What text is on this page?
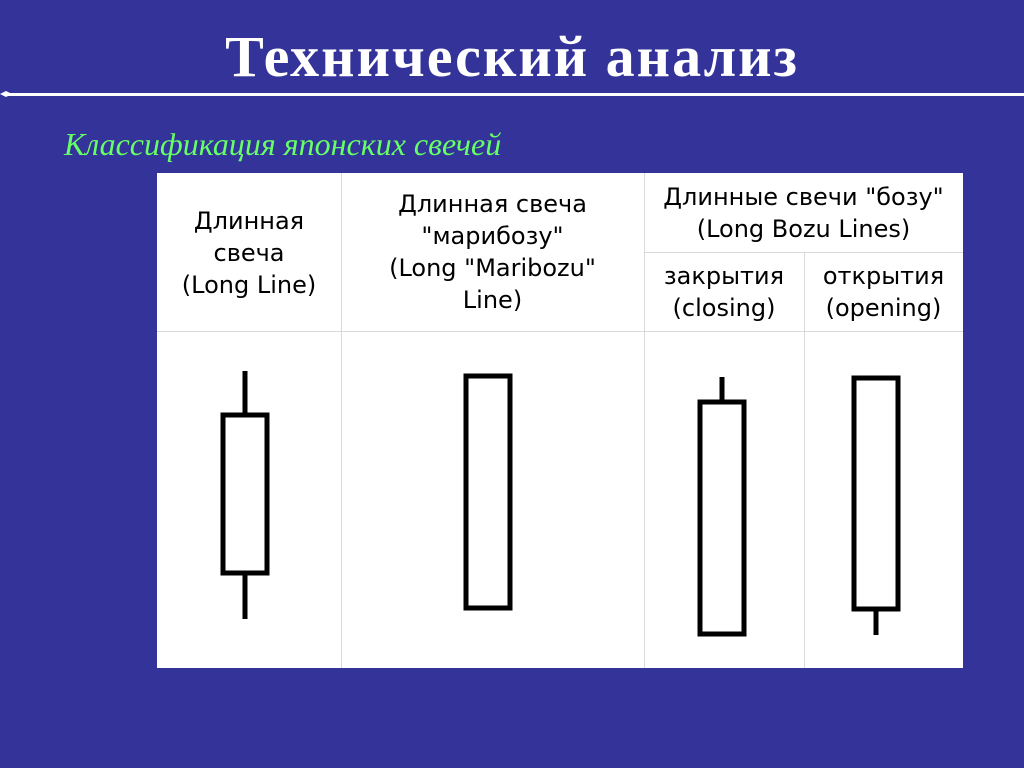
Технический анализ
Классификация японских свечей
Длинная
свеча
(Long Line)
Длинная свеча
"марибозу"
(Long "Maribozu"
Line)
Длинные свечи "бозу"
(Long Bozu Lines)
закрытия
(closing)
открытия
(opening)
